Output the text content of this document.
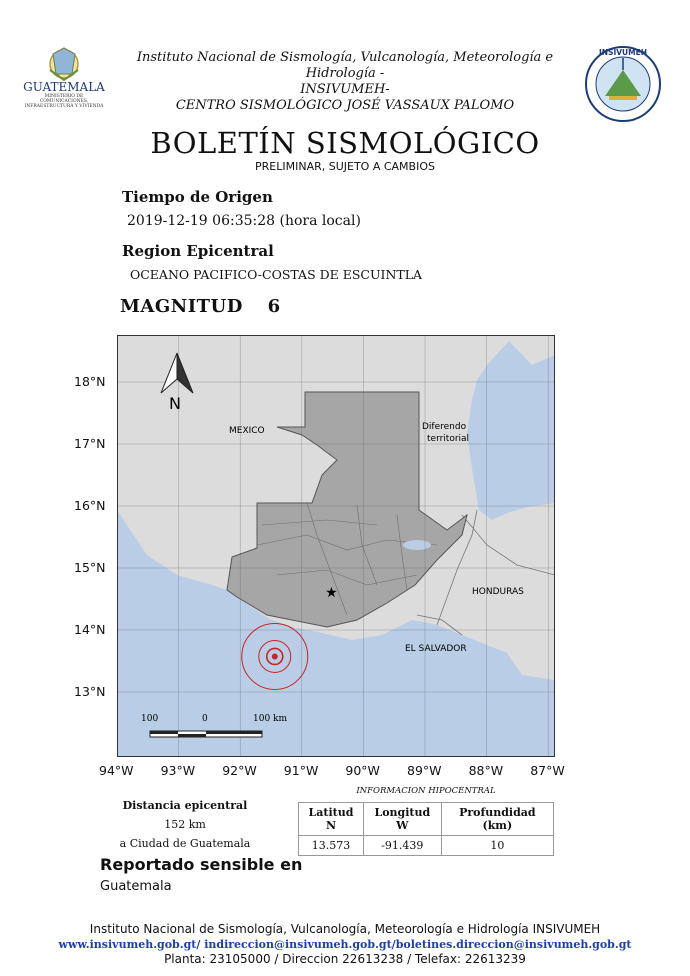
GUATEMALA
MINISTERIO DE COMUNICACIONES, INFRAESTRUCTURA Y VIVIENDA
Instituto Nacional de Sismología, Vulcanología, Meteorología e Hidrología -
INSIVUMEH-
CENTRO SISMOLÓGICO JOSÉ VASSAUX PALOMO
INSIVUMEH
BOLETÍN SISMOLÓGICO
PRELIMINAR, SUJETO A CAMBIOS
Tiempo de Origen
2019-12-19 06:35:28 (hora local)
Region Epicentral
OCEANO PACIFICO-COSTAS DE ESCUINTLA
MAGNITUD 6
MEXICO	Diferendo
territorial
HONDURAS
EL SALVADOR
N
100	0	100 km
★
18°N
17°N
16°N
15°N
14°N
13°N
94°W 93°W 92°W 91°W 90°W 89°W 88°W 87°W
Distancia epicentral
152 km
a Ciudad de Guatemala
INFORMACION HIPOCENTRAL
Latitud N	Longitud W	Profundidad (km)
13.573	-91.439	10
Reportado sensible en
Guatemala
Instituto Nacional de Sismología, Vulcanología, Meteorología e Hidrología INSIVUMEH
www.insivumeh.gob.gt/ indireccion@insivumeh.gob.gt/boletines.direccion@insivumeh.gob.gt
Planta: 23105000 / Direccion 22613238 / Telefax: 22613239
